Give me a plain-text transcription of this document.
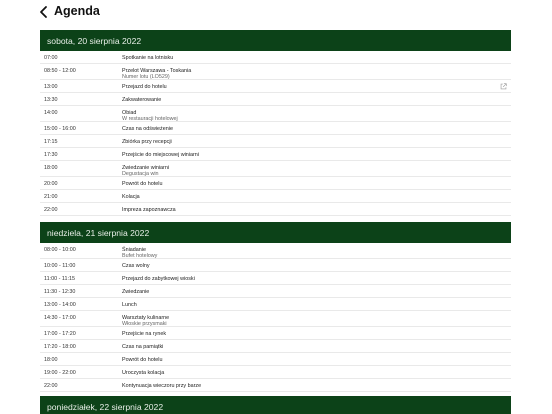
Agenda
sobota, 20 sierpnia 2022
07:00	Spotkanie na lotnisku
08:50 - 12:00	Przelot Warszawa - Toskania
Numer lotu (LO529)
13:00	Przejazd do hotelu
13:30	Zakwaterowanie
14:00	Obiad
W restauracji hotelowej
15:00 - 16:00	Czas na odświeżenie
17:15	Zbiórka przy recepcji
17:30	Przejście do miejscowej winiarni
18:00	Zwiedzanie winiarni
Degustacja win
20:00	Powrót do hotelu
21:00	Kolacja
22:00	Impreza zapoznawcza
niedziela, 21 sierpnia 2022
08:00 - 10:00	Śniadanie
Bufet hotelowy
10:00 - 11:00	Czas wolny
11:00 - 11:15	Przejazd do zabytkowej wioski
11:30 - 12:30	Zwiedzanie
13:00 - 14:00	Lunch
14:30 - 17:00	Warsztaty kulinarne
Włoskie przysmaki
17:00 - 17:20	Przejście na rynek
17:20 - 18:00	Czas na pamiątki
18:00	Powrót do hotelu
19:00 - 22:00	Uroczysta kolacja
22:00	Kontynuacja wieczoru przy barze
poniedziałek, 22 sierpnia 2022
